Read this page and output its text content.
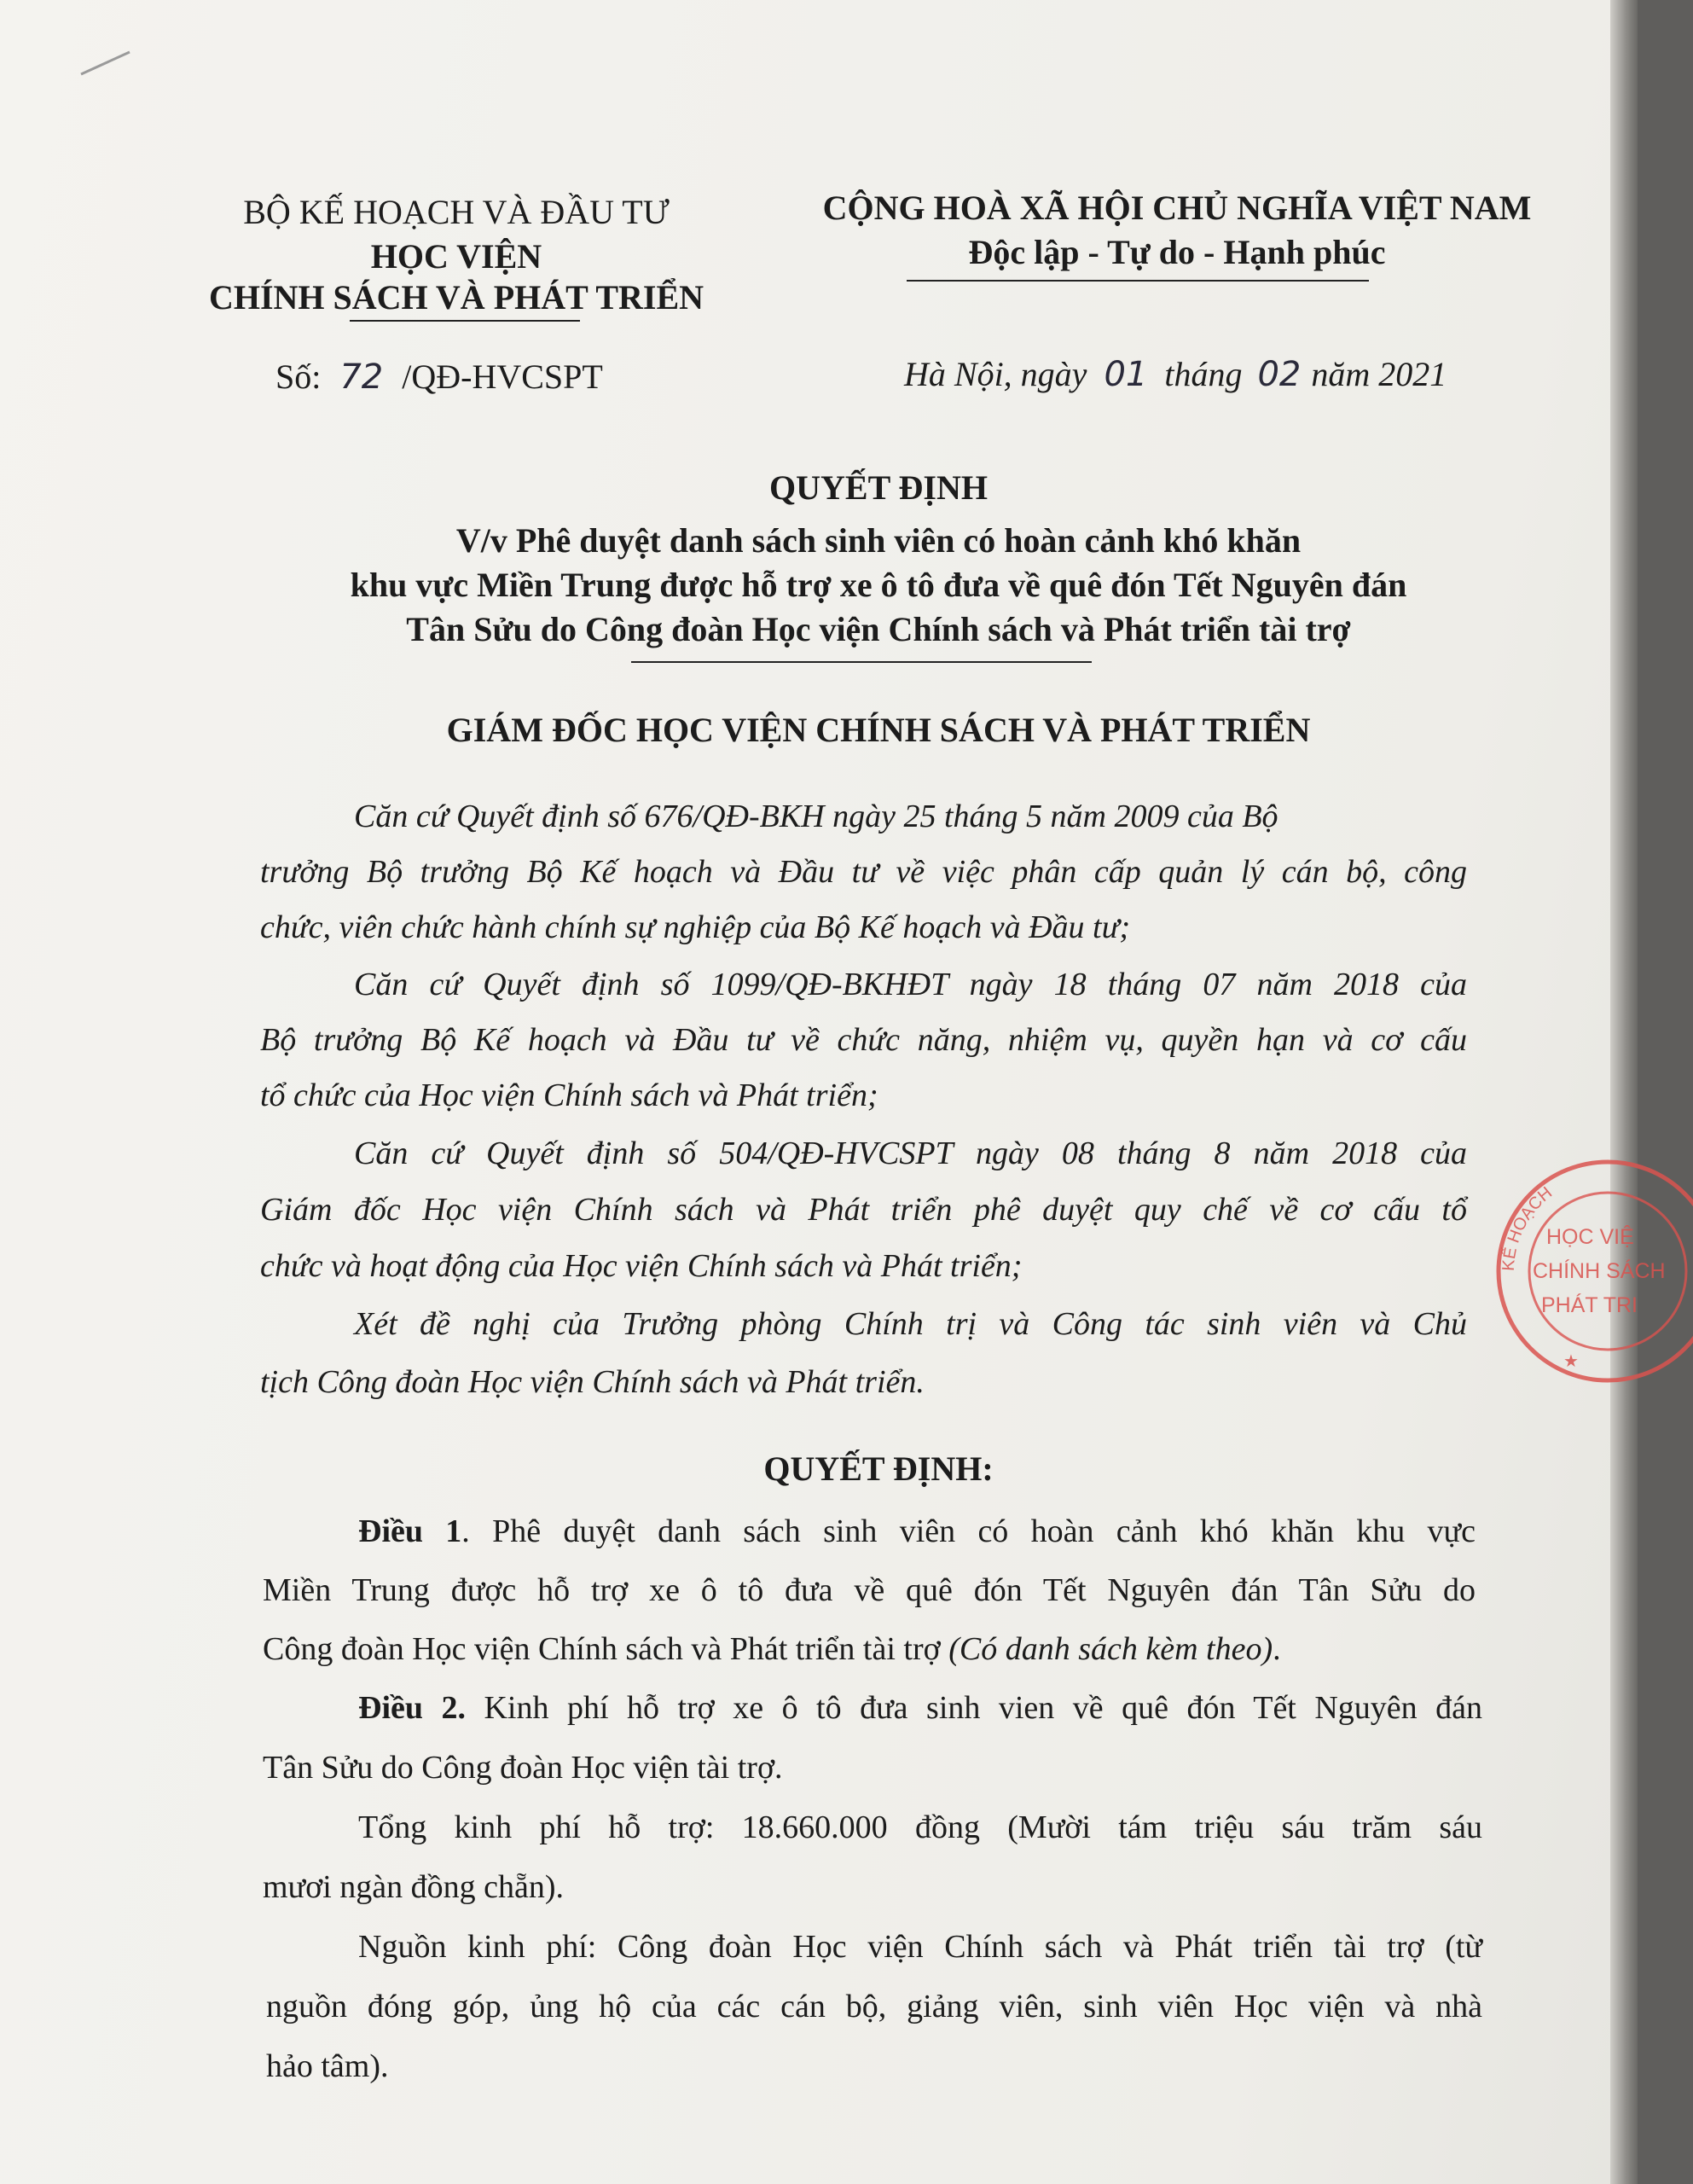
BỘ KẾ HOẠCH VÀ ĐẦU TƯ
HỌC VIỆN
CHÍNH SÁCH VÀ PHÁT TRIỂN
CỘNG HOÀ XÃ HỘI CHỦ NGHĨA VIỆT NAM
Độc lập - Tự do - Hạnh phúc
Số: 72 /QĐ-HVCSPT	Hà Nội, ngày 01 tháng 02 năm 2021
QUYẾT ĐỊNH
V/v Phê duyệt danh sách sinh viên có hoàn cảnh khó khăn
khu vực Miền Trung được hỗ trợ xe ô tô đưa về quê đón Tết Nguyên đán
Tân Sửu do Công đoàn Học viện Chính sách và Phát triển tài trợ
GIÁM ĐỐC HỌC VIỆN CHÍNH SÁCH VÀ PHÁT TRIỂN
Căn cứ Quyết định số 676/QĐ-BKH ngày 25 tháng 5 năm 2009 của Bộ
trưởng Bộ trưởng Bộ Kế hoạch và Đầu tư về việc phân cấp quản lý cán bộ, công
chức, viên chức hành chính sự nghiệp của Bộ Kế hoạch và Đầu tư;
Căn cứ Quyết định số 1099/QĐ-BKHĐT ngày 18 tháng 07 năm 2018 của
Bộ trưởng Bộ Kế hoạch và Đầu tư về chức năng, nhiệm vụ, quyền hạn và cơ cấu
tổ chức của Học viện Chính sách và Phát triển;
Căn cứ Quyết định số 504/QĐ-HVCSPT ngày 08 tháng 8 năm 2018 của
Giám đốc Học viện Chính sách và Phát triển phê duyệt quy chế về cơ cấu tổ
chức và hoạt động của Học viện Chính sách và Phát triển;
Xét đề nghị của Trưởng phòng Chính trị và Công tác sinh viên và Chủ
tịch Công đoàn Học viện Chính sách và Phát triển.
QUYẾT ĐỊNH:
Điều 1. Phê duyệt danh sách sinh viên có hoàn cảnh khó khăn khu vực
Miền Trung được hỗ trợ xe ô tô đưa về quê đón Tết Nguyên đán Tân Sửu do
Công đoàn Học viện Chính sách và Phát triển tài trợ (Có danh sách kèm theo).
Điều 2. Kinh phí hỗ trợ xe ô tô đưa sinh vien về quê đón Tết Nguyên đán
Tân Sửu do Công đoàn Học viện tài trợ.
Tổng kinh phí hỗ trợ: 18.660.000 đồng (Mười tám triệu sáu trăm sáu
mươi ngàn đồng chẵn).
Nguồn kinh phí: Công đoàn Học viện Chính sách và Phát triển tài trợ (từ
nguồn đóng góp, ủng hộ của các cán bộ, giảng viên, sinh viên Học viện và nhà
hảo tâm).
KẾ HOẠCH
HỌC VIỆ
CHÍNH SÁCH
PHÁT TRI
★
